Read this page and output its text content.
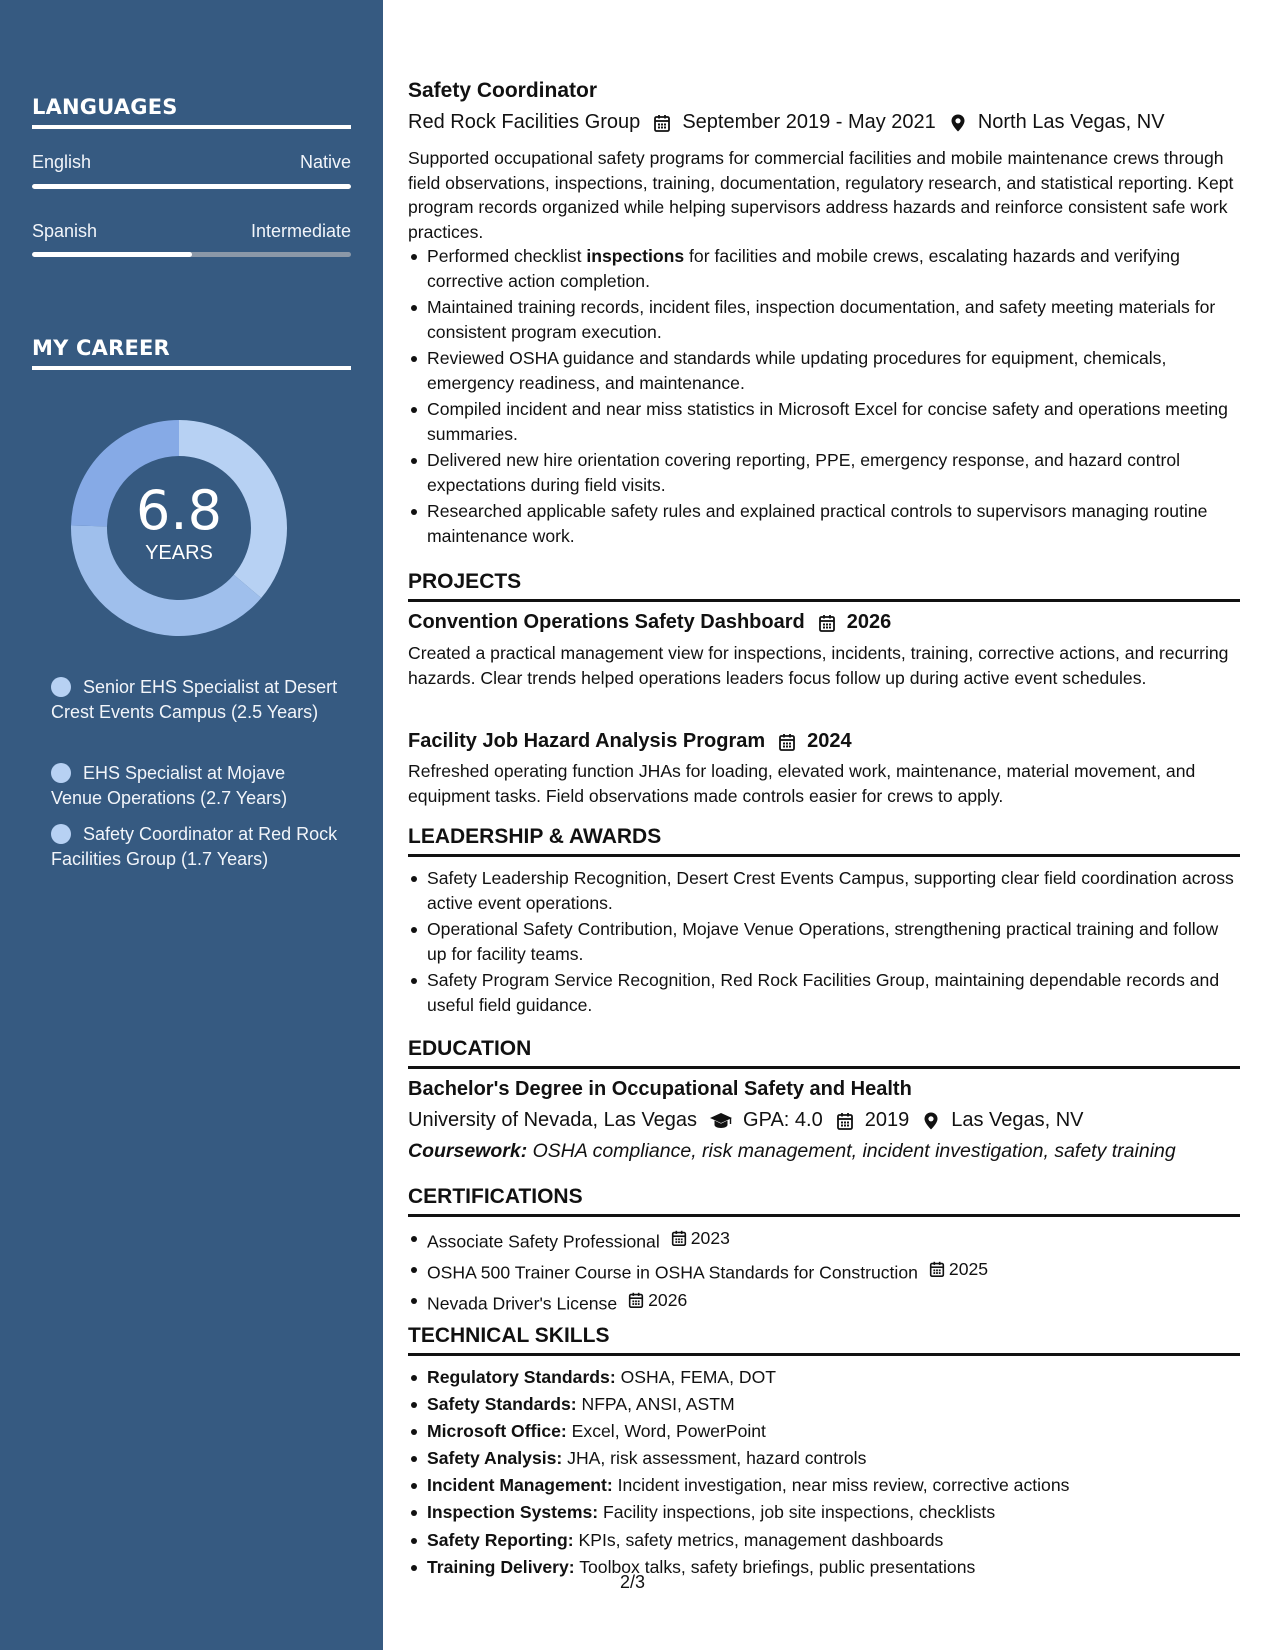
LANGUAGES
English	Native
Spanish	Intermediate
MY CAREER
6.8
YEARS
Senior EHS Specialist at Desert Crest Events Campus (2.5 Years)
EHS Specialist at Mojave Venue Operations (2.7 Years)
Safety Coordinator at Red Rock Facilities Group (1.7 Years)
Safety Coordinator
Red Rock Facilities Group September 2019 - May 2021 North Las Vegas, NV
Supported occupational safety programs for commercial facilities and mobile maintenance crews through field observations, inspections, training, documentation, regulatory research, and statistical reporting. Kept program records organized while helping supervisors address hazards and reinforce consistent safe work practices.
Performed checklist inspections for facilities and mobile crews, escalating hazards and verifying corrective action completion.
Maintained training records, incident files, inspection documentation, and safety meeting materials for consistent program execution.
Reviewed OSHA guidance and standards while updating procedures for equipment, chemicals, emergency readiness, and maintenance.
Compiled incident and near miss statistics in Microsoft Excel for concise safety and operations meeting summaries.
Delivered new hire orientation covering reporting, PPE, emergency response, and hazard control expectations during field visits.
Researched applicable safety rules and explained practical controls to supervisors managing routine maintenance work.
PROJECTS
Convention Operations Safety Dashboard 2026
Created a practical management view for inspections, incidents, training, corrective actions, and recurring hazards. Clear trends helped operations leaders focus follow up during active event schedules.
Facility Job Hazard Analysis Program 2024
Refreshed operating function JHAs for loading, elevated work, maintenance, material movement, and equipment tasks. Field observations made controls easier for crews to apply.
LEADERSHIP & AWARDS
Safety Leadership Recognition, Desert Crest Events Campus, supporting clear field coordination across active event operations.
Operational Safety Contribution, Mojave Venue Operations, strengthening practical training and follow up for facility teams.
Safety Program Service Recognition, Red Rock Facilities Group, maintaining dependable records and useful field guidance.
EDUCATION
Bachelor's Degree in Occupational Safety and Health
University of Nevada, Las Vegas GPA: 4.0 2019 Las Vegas, NV
Coursework: OSHA compliance, risk management, incident investigation, safety training
CERTIFICATIONS
Associate Safety Professional 2023
OSHA 500 Trainer Course in OSHA Standards for Construction 2025
Nevada Driver's License 2026
TECHNICAL SKILLS
Regulatory Standards: OSHA, FEMA, DOT
Safety Standards: NFPA, ANSI, ASTM
Microsoft Office: Excel, Word, PowerPoint
Safety Analysis: JHA, risk assessment, hazard controls
Incident Management: Incident investigation, near miss review, corrective actions
Inspection Systems: Facility inspections, job site inspections, checklists
Safety Reporting: KPIs, safety metrics, management dashboards
Training Delivery: Toolbox talks, safety briefings, public presentations
2/3
